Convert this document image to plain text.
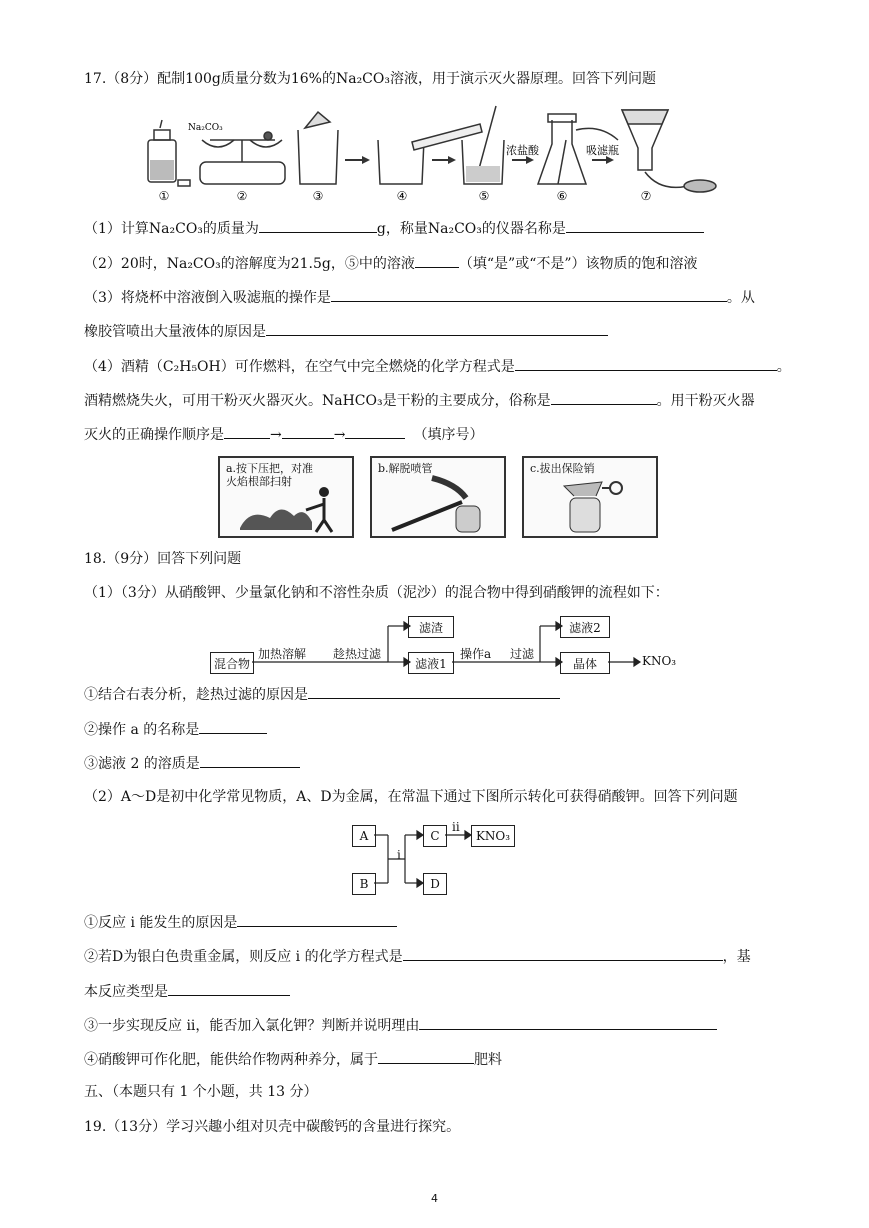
17.（8分）配制100g质量分数为16%的Na₂CO₃溶液，用于演示灭火器原理。回答下列问题
①	②	③	④	⑤	⑥	⑦
Na₂CO₃
浓盐酸	吸滤瓶
（1）计算Na₂CO₃的质量为	g，称量Na₂CO₃的仪器名称是
（2）20时，Na₂CO₃的溶解度为21.5g，⑤中的溶液	（填“是”或“不是”）该物质的饱和溶液
（3）将烧杯中溶液倒入吸滤瓶的操作是	。从
橡胶管喷出大量液体的原因是
（4）酒精（C₂H₅OH）可作燃料，在空气中完全燃烧的化学方程式是	。
酒精燃烧失火，可用干粉灭火器灭火。NaHCO₃是干粉的主要成分，俗称是	。用干粉灭火器
灭火的正确操作顺序是	→	→	（填序号）
a.按下压把，对准
火焰根部扫射
b.解脱喷管	c.拔出保险销
18.（9分）回答下列问题
（1）（3分）从硝酸钾、少量氯化钠和不溶性杂质（泥沙）的混合物中得到硝酸钾的流程如下：
混合物
加热溶解 趁热过滤
滤渣
滤液1
操作a 过滤
滤液2
晶体	KNO₃
①结合右表分析，趁热过滤的原因是
②操作 a 的名称是
③滤液 2 的溶质是
（2）A～D是初中化学常见物质，A、D为金属，在常温下通过下图所示转化可获得硝酸钾。回答下列问题
A
B
C
D
KNO₃
i
ii
①反应 i 能发生的原因是
②若D为银白色贵重金属，则反应 i 的化学方程式是	，基
本反应类型是
③一步实现反应 ii，能否加入氯化钾？判断并说明理由
④硝酸钾可作化肥，能供给作物两种养分，属于	肥料
五、（本题只有 1 个小题，共 13 分）
19.（13分）学习兴趣小组对贝壳中碳酸钙的含量进行探究。
4
